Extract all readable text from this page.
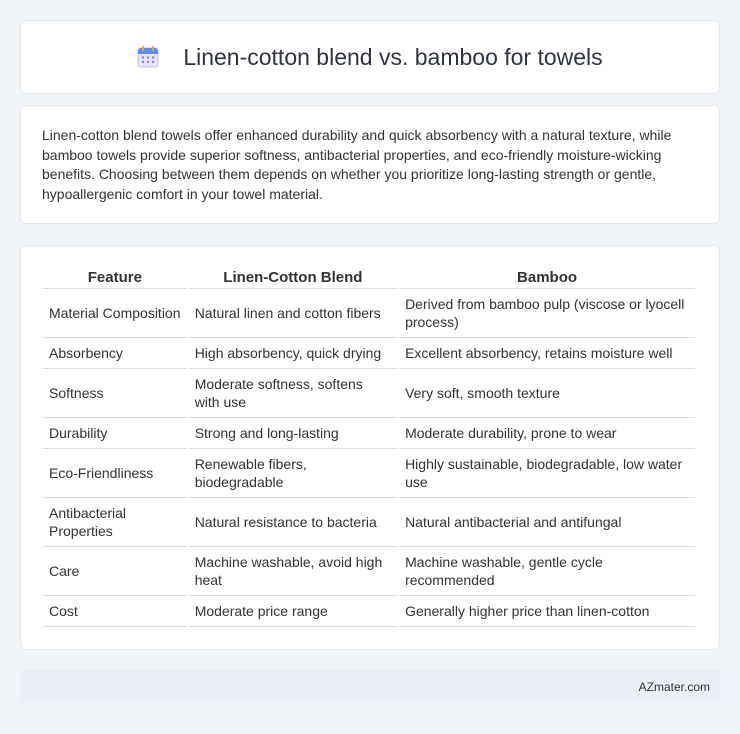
Linen-cotton blend vs. bamboo for towels

Linen-cotton blend towels offer enhanced durability and quick absorbency with a natural texture, while bamboo towels provide superior softness, antibacterial properties, and eco-friendly moisture-wicking benefits. Choosing between them depends on whether you prioritize long-lasting strength or gentle, hypoallergenic comfort in your towel material.

Feature	Linen-Cotton Blend	Bamboo
Material Composition	Natural linen and cotton fibers	Derived from bamboo pulp (viscose or lyocell process)
Absorbency	High absorbency, quick drying	Excellent absorbency, retains moisture well
Softness	Moderate softness, softens with use	Very soft, smooth texture
Durability	Strong and long-lasting	Moderate durability, prone to wear
Eco-Friendliness	Renewable fibers, biodegradable	Highly sustainable, biodegradable, low water use
Antibacterial Properties	Natural resistance to bacteria	Natural antibacterial and antifungal
Care	Machine washable, avoid high heat	Machine washable, gentle cycle recommended
Cost	Moderate price range	Generally higher price than linen-cotton
AZmater.com
